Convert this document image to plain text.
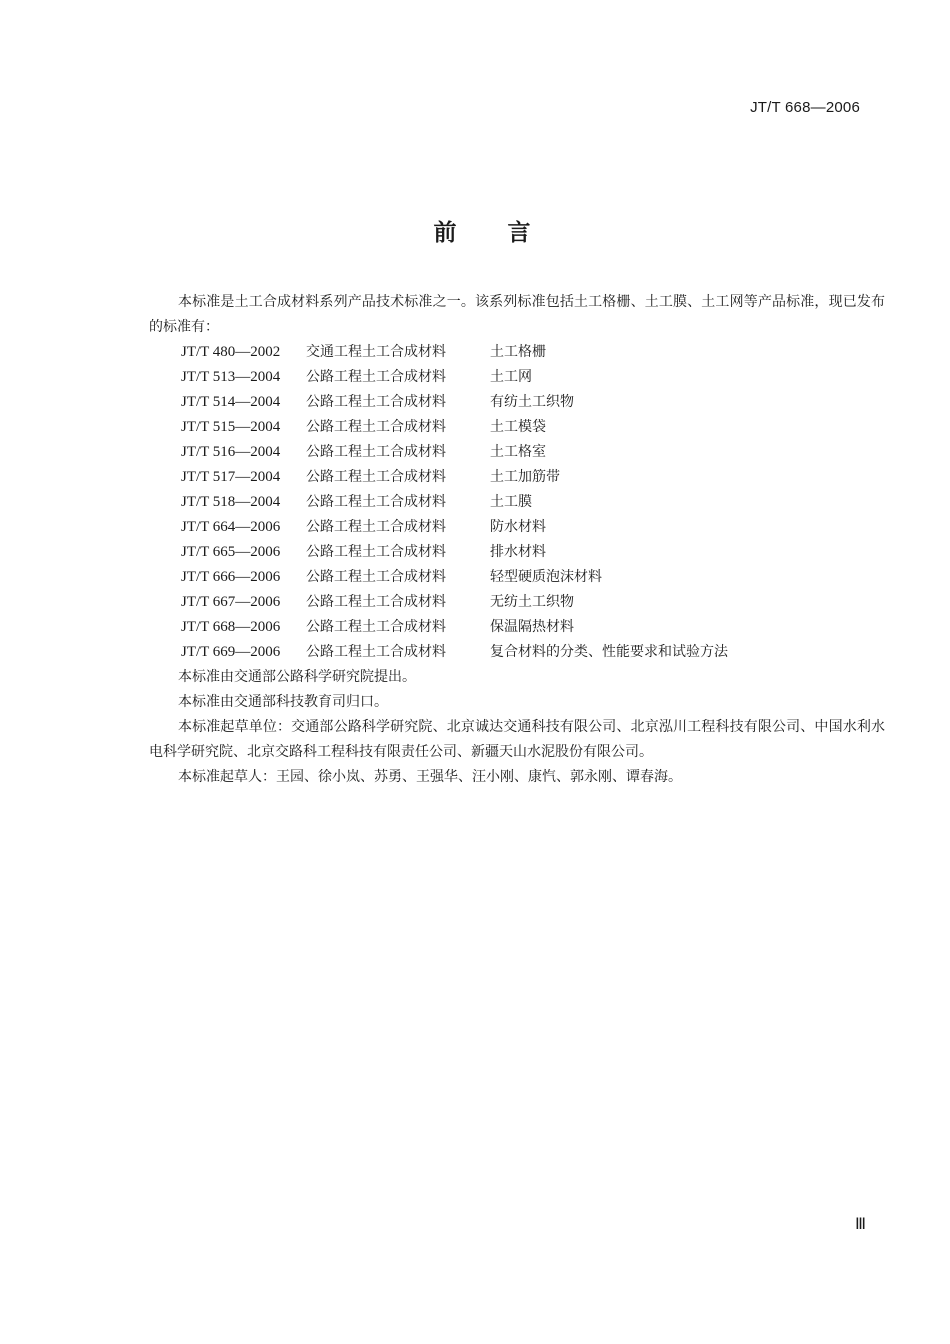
JT/T 668—2006
前言

本标准是土工合成材料系列产品技术标准之一。该系列标准包括土工格栅、土工膜、土工网等产品标准，现已发布的标准有：

JT/T 480—2002	交通工程土工合成材料	土工格栅
JT/T 513—2004	公路工程土工合成材料	土工网
JT/T 514—2004	公路工程土工合成材料	有纺土工织物
JT/T 515—2004	公路工程土工合成材料	土工模袋
JT/T 516—2004	公路工程土工合成材料	土工格室
JT/T 517—2004	公路工程土工合成材料	土工加筋带
JT/T 518—2004	公路工程土工合成材料	土工膜
JT/T 664—2006	公路工程土工合成材料	防水材料
JT/T 665—2006	公路工程土工合成材料	排水材料
JT/T 666—2006	公路工程土工合成材料	轻型硬质泡沫材料
JT/T 667—2006	公路工程土工合成材料	无纺土工织物
JT/T 668—2006	公路工程土工合成材料	保温隔热材料
JT/T 669—2006	公路工程土工合成材料	复合材料的分类、性能要求和试验方法

本标准由交通部公路科学研究院提出。

本标准由交通部科技教育司归口。

本标准起草单位：交通部公路科学研究院、北京诚达交通科技有限公司、北京泓川工程科技有限公司、中国水利水电科学研究院、北京交路科工程科技有限责任公司、新疆天山水泥股份有限公司。

本标准起草人：王园、徐小岚、苏勇、王强华、汪小刚、康忾、郭永刚、谭春海。

Ⅲ
